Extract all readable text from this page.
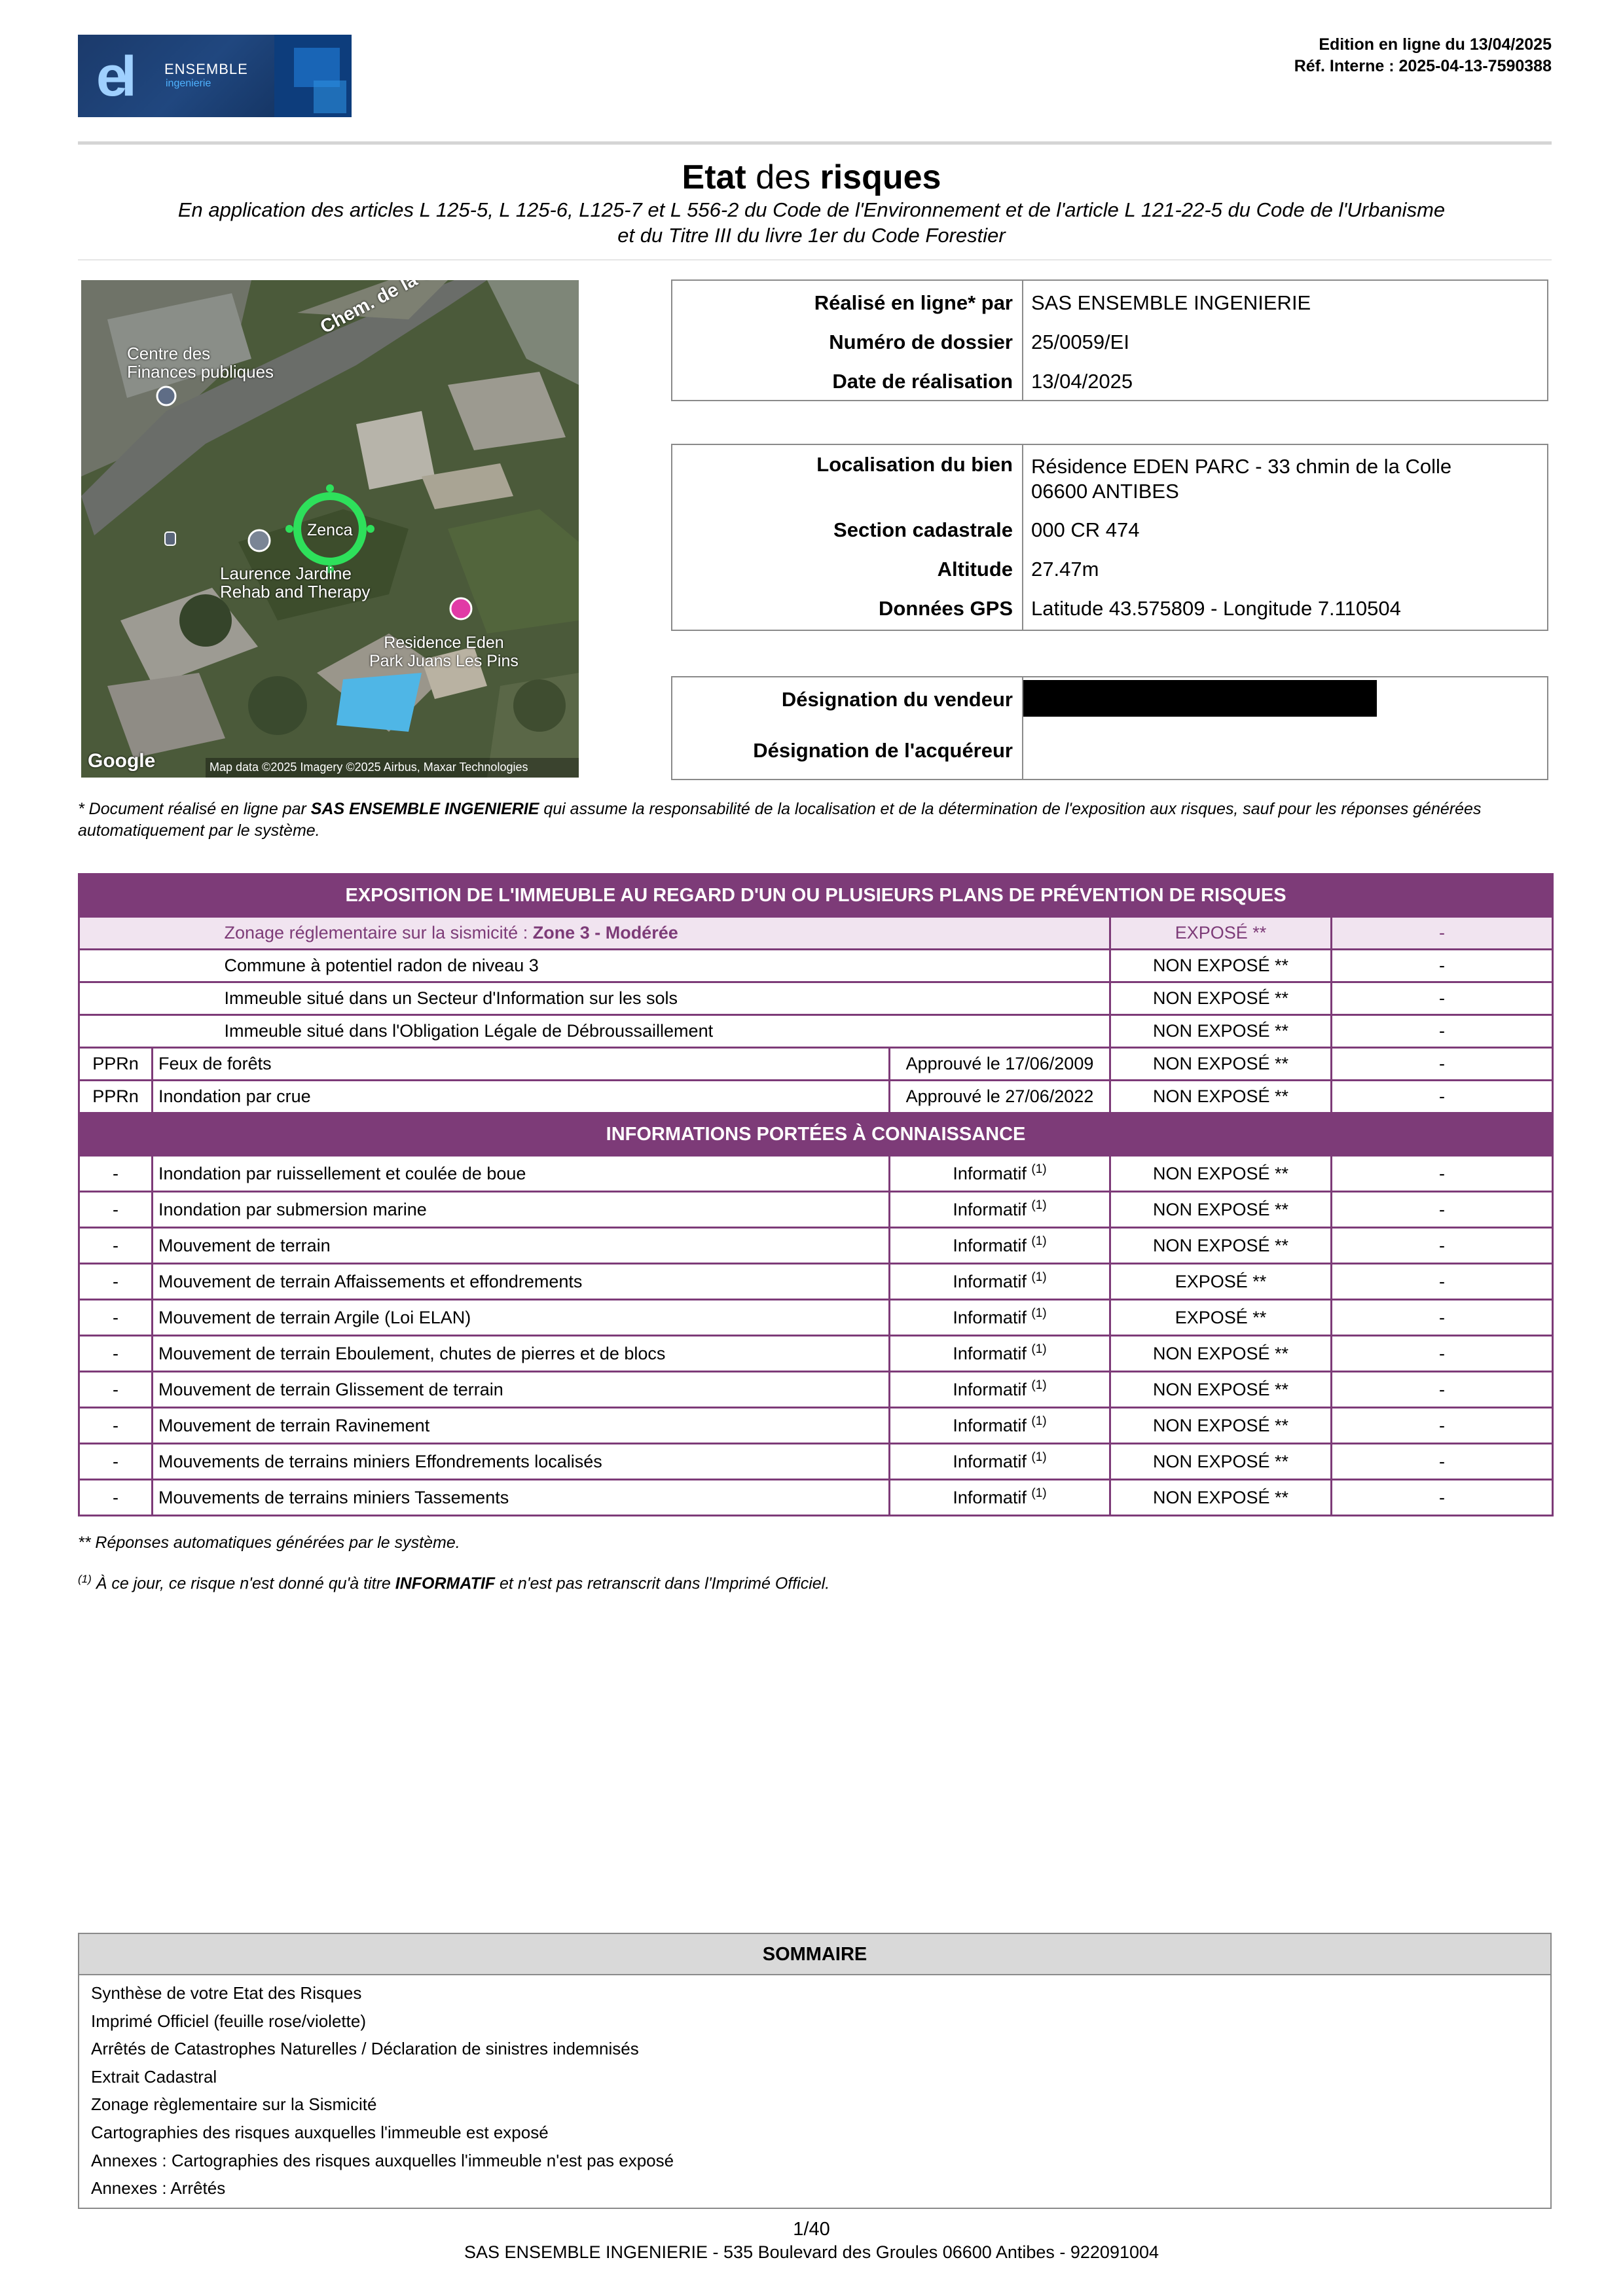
el ENSEMBLE
ingenierie
Edition en ligne du 13/04/2025
Réf. Interne : 2025-04-13-7590388
Etat des risques
En application des articles L 125-5, L 125-6, L125-7 et L 556-2 du Code de l'Environnement et de l'article L 121-22-5 du Code de l'Urbanisme
et du Titre III du livre 1er du Code Forestier
Centre des
Finances publiques
Chem. de la
Zenca
Laurence Jardine
Rehab and Therapy
Residence Eden
Park Juans Les Pins
Google	Map data ©2025 Imagery ©2025 Airbus, Maxar Technologies
Réalisé en ligne* par SAS ENSEMBLE INGENIERIE
Numéro de dossier 25/0059/EI
Date de réalisation 13/04/2025
Localisation du bien Résidence EDEN PARC - 33 chmin de la Colle
06600 ANTIBES
Section cadastrale 000 CR 474
Altitude 27.47m
Données GPS Latitude 43.575809 - Longitude 7.110504
Désignation du vendeur
Désignation de l'acquéreur
* Document réalisé en ligne par SAS ENSEMBLE INGENIERIE qui assume la responsabilité de la localisation et de la détermination de l'exposition aux risques, sauf pour les réponses générées automatiquement par le système.
EXPOSITION DE L'IMMEUBLE AU REGARD D'UN OU PLUSIEURS PLANS DE PRÉVENTION DE RISQUES				
	Zonage réglementaire sur la sismicité : Zone 3 - Modérée		EXPOSÉ **	-
	Commune à potentiel radon de niveau 3		NON EXPOSÉ **	-
	Immeuble situé dans un Secteur d'Information sur les sols		NON EXPOSÉ **	-
	Immeuble situé dans l'Obligation Légale de Débroussaillement		NON EXPOSÉ **	-
PPRn	Feux de forêts	Approuvé le 17/06/2009	NON EXPOSÉ **	-
PPRn	Inondation par crue	Approuvé le 27/06/2022	NON EXPOSÉ **	-
INFORMATIONS PORTÉES À CONNAISSANCE				
-	Inondation par ruissellement et coulée de boue	Informatif $^{(1)}$	NON EXPOSÉ **	-
-	Inondation par submersion marine	Informatif $^{(1)}$	NON EXPOSÉ **	-
-	Mouvement de terrain	Informatif $^{(1)}$	NON EXPOSÉ **	-
-	Mouvement de terrain Affaissements et effondrements	Informatif $^{(1)}$	EXPOSÉ **	-
-	Mouvement de terrain Argile (Loi ELAN)	Informatif $^{(1)}$	EXPOSÉ **	-
-	Mouvement de terrain Eboulement, chutes de pierres et de blocs	Informatif $^{(1)}$	NON EXPOSÉ **	-
-	Mouvement de terrain Glissement de terrain	Informatif $^{(1)}$	NON EXPOSÉ **	-
-	Mouvement de terrain Ravinement	Informatif $^{(1)}$	NON EXPOSÉ **	-
-	Mouvements de terrains miniers Effondrements localisés	Informatif $^{(1)}$	NON EXPOSÉ **	-
-	Mouvements de terrains miniers Tassements	Informatif $^{(1)}$	NON EXPOSÉ **	-
** Réponses automatiques générées par le système.
$^{(1)}$ À ce jour, ce risque n'est donné qu'à titre INFORMATIF et n'est pas retranscrit dans l'Imprimé Officiel.
SOMMAIRE
Synthèse de votre Etat des Risques
Imprimé Officiel (feuille rose/violette)
Arrêtés de Catastrophes Naturelles / Déclaration de sinistres indemnisés
Extrait Cadastral
Zonage règlementaire sur la Sismicité
Cartographies des risques auxquelles l'immeuble est exposé
Annexes : Cartographies des risques auxquelles l'immeuble n'est pas exposé
Annexes : Arrêtés
1/40
SAS ENSEMBLE INGENIERIE - 535 Boulevard des Groules 06600 Antibes - 922091004
